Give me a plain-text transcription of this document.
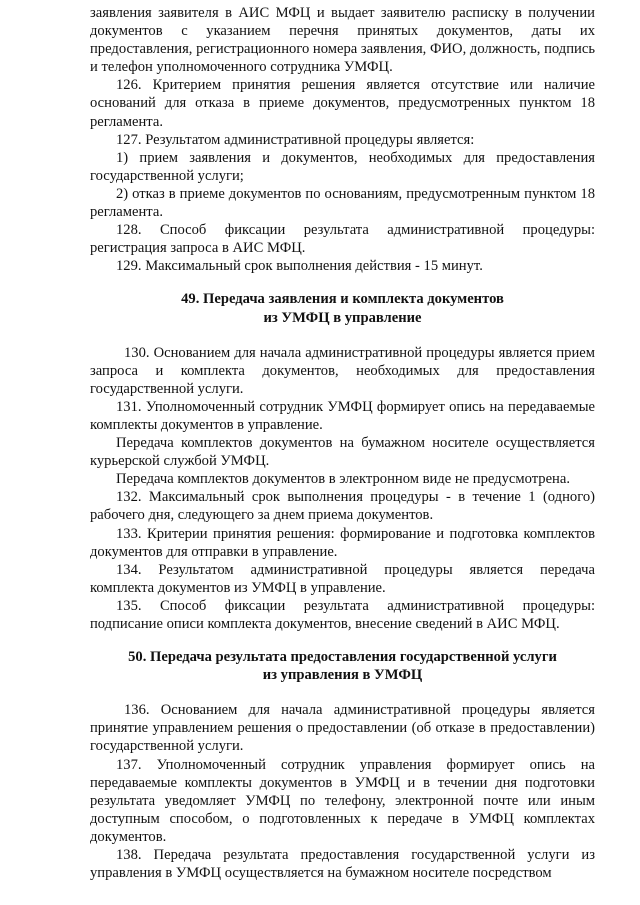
заявления заявителя в АИС МФЦ и выдает заявителю расписку в получении документов с указанием перечня принятых документов, даты их предоставления, регистрационного номера заявления, ФИО, должность, подпись и телефон уполномоченного сотрудника УМФЦ.

126. Критерием принятия решения является отсутствие или наличие оснований для отказа в приеме документов, предусмотренных пунктом 18 регламента.

127. Результатом административной процедуры является:

1) прием заявления и документов, необходимых для предоставления государственной услуги;

2) отказ в приеме документов по основаниям, предусмотренным пунктом 18 регламента.

128. Способ фиксации результата административной процедуры: регистрация запроса в АИС МФЦ.

129. Максимальный срок выполнения действия - 15 минут.

49. Передача заявления и комплекта документов

из УМФЦ в управление

130. Основанием для начала административной процедуры является прием запроса и комплекта документов, необходимых для предоставления государственной услуги.

131. Уполномоченный сотрудник УМФЦ формирует опись на передаваемые комплекты документов в управление.

Передача комплектов документов на бумажном носителе осуществляется курьерской службой УМФЦ.

Передача комплектов документов в электронном виде не предусмотрена.

132. Максимальный срок выполнения процедуры - в течение 1 (одного) рабочего дня, следующего за днем приема документов.

133. Критерии принятия решения: формирование и подготовка комплектов документов для отправки в управление.

134. Результатом административной процедуры является передача комплекта документов из УМФЦ в управление.

135. Способ фиксации результата административной процедуры: подписание описи комплекта документов, внесение сведений в АИС МФЦ.

50. Передача результата предоставления государственной услуги

из управления в УМФЦ

136. Основанием для начала административной процедуры является принятие управлением решения о предоставлении (об отказе в предоставлении) государственной услуги.

137. Уполномоченный сотрудник управления формирует опись на передаваемые комплекты документов в УМФЦ и в течении дня подготовки результата уведомляет УМФЦ по телефону, электронной почте или иным доступным способом, о подготовленных к передаче в УМФЦ комплектах документов.

138. Передача результата предоставления государственной услуги из управления в УМФЦ осуществляется на бумажном носителе посредством
